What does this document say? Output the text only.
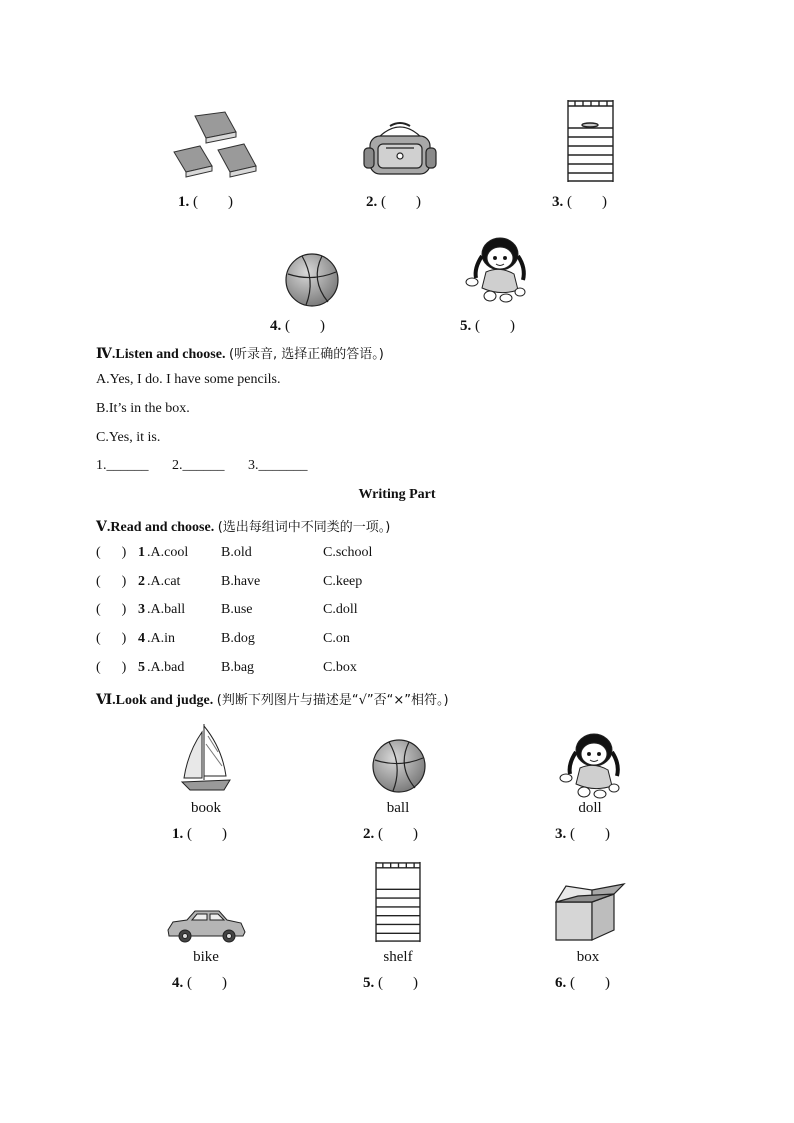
1. (        )	2. (        )	3. (        )
4. (        )	5. (        )
Ⅳ.Listen and choose. (听录音, 选择正确的答语。)
A.Yes, I do. I have some pencils.
B.It’s in the box.
C.Yes, it is.
1.______ 2.______ 3._______
Writing Part
Ⅴ.Read and choose. (选出每组词中不同类的一项。)
(      ) 1 .A.cool B.old	C.school
(      ) 2 .A.cat	B.have	C.keep
(      ) 3 .A.ball	B.use	C.doll
(      ) 4 .A.in	B.dog	C.on
(      ) 5 .A.bad	B.bag	C.box
Ⅵ.Look and judge. (判断下列图片与描述是“√”否“×”相符。)
book	ball	doll
1. (        )	2. (        )	3. (        )
bike	shelf	box
4. (        )	5. (        )	6. (        )
